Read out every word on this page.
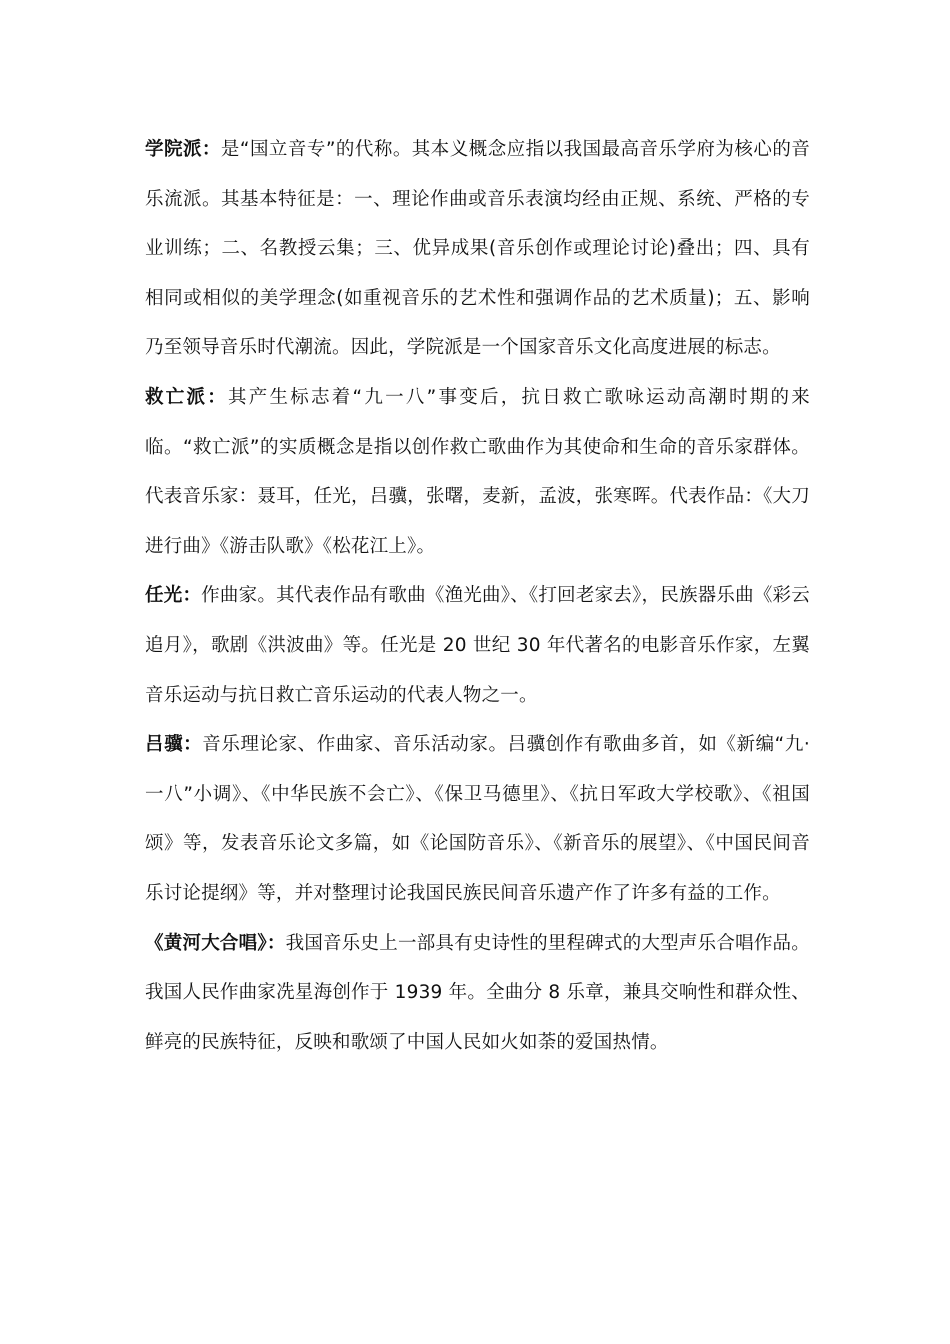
学院派：是“国立音专”的代称。其本义概念应指以我国最高音乐学府为核心的音乐流派。其基本特征是：一、理论作曲或音乐表演均经由正规、系统、严格的专业训练；二、名教授云集；三、优异成果(音乐创作或理论讨论)叠出；四、具有相同或相似的美学理念(如重视音乐的艺术性和强调作品的艺术质量)；五、影响乃至领导音乐时代潮流。因此，学院派是一个国家音乐文化高度进展的标志。

救亡派：其产生标志着“九一八”事变后，抗日救亡歌咏运动高潮时期的来临。“救亡派”的实质概念是指以创作救亡歌曲作为其使命和生命的音乐家群体。代表音乐家：聂耳，任光，吕骥，张曙，麦新，孟波，张寒晖。代表作品：《大刀进行曲》《游击队歌》《松花江上》。

任光：作曲家。其代表作品有歌曲《渔光曲》、《打回老家去》，民族器乐曲《彩云追月》，歌剧《洪波曲》等。任光是 20 世纪 30 年代著名的电影音乐作家，左翼音乐运动与抗日救亡音乐运动的代表人物之一。

吕骥：音乐理论家、作曲家、音乐活动家。吕骥创作有歌曲多首，如《新编“九·一八”小调》、《中华民族不会亡》、《保卫马德里》、《抗日军政大学校歌》、《祖国颂》等，发表音乐论文多篇，如《论国防音乐》、《新音乐的展望》、《中国民间音乐讨论提纲》等，并对整理讨论我国民族民间音乐遗产作了许多有益的工作。

《黄河大合唱》：我国音乐史上一部具有史诗性的里程碑式的大型声乐合唱作品。我国人民作曲家冼星海创作于 1939 年。全曲分 8 乐章，兼具交响性和群众性、鲜亮的民族特征，反映和歌颂了中国人民如火如荼的爱国热情。
